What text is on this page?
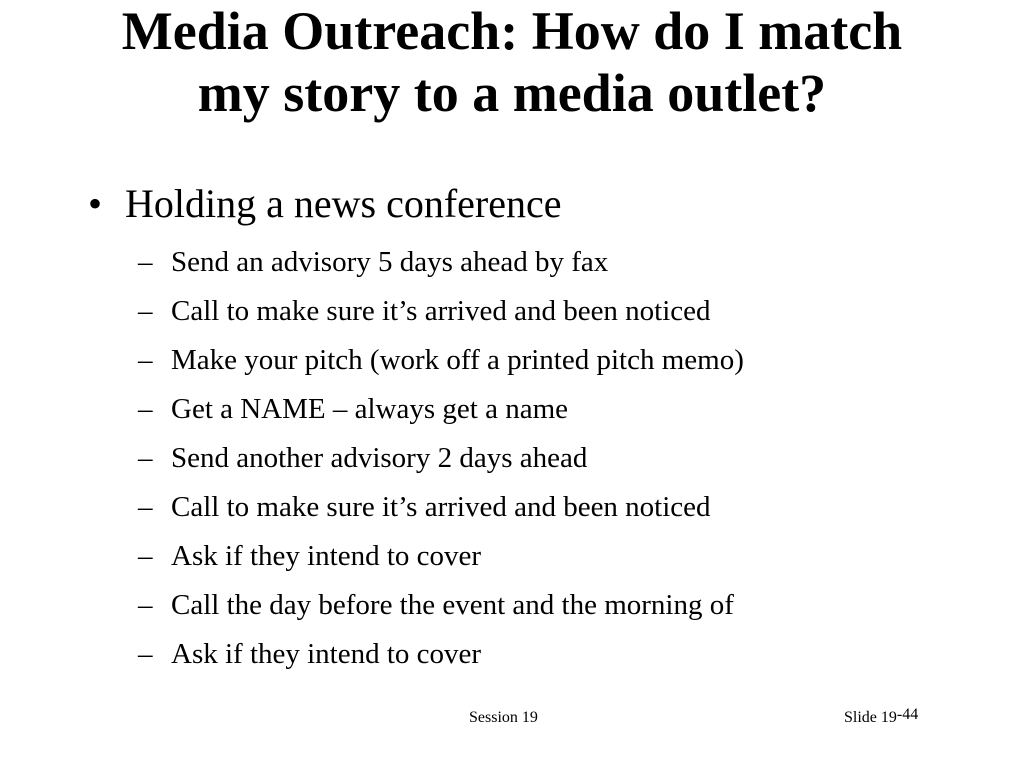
Media Outreach: How do I match
my story to a media outlet?
• Holding a news conference
– Send an advisory 5 days ahead by fax
– Call to make sure it’s arrived and been noticed
– Make your pitch (work off a printed pitch memo)
– Get a NAME – always get a name
– Send another advisory 2 days ahead
– Call to make sure it’s arrived and been noticed
– Ask if they intend to cover
– Call the day before the event and the morning of
– Ask if they intend to cover
Session 19	Slide 19-44
